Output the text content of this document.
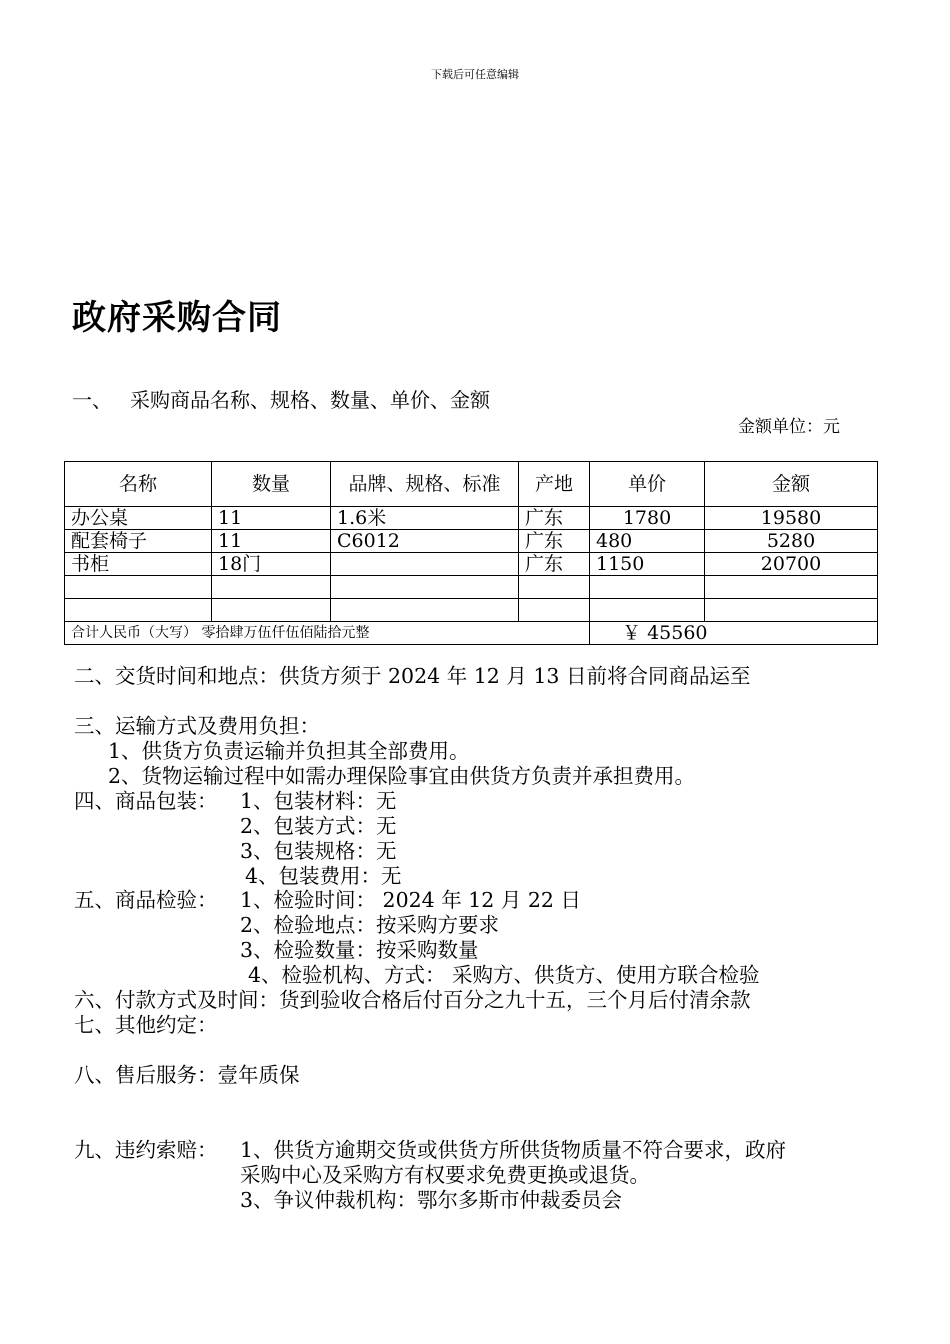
下载后可任意编辑
政府采购合同
一、 采购商品名称、规格、数量、单价、金额
金额单位：元
名称	数量	品牌、规格、标准	产地	单价	金额
办公桌	11	1.6米	广东	1780	19580
配套椅子	11	C6012	广东	480	5280
书柜	18门		广东	1150	20700

合计人民币（大写） 零拾肆万伍仟伍佰陆拾元整				￥ 45560	
二、交货时间和地点：供货方须于 2024 年 12 月 13 日前将合同商品运至
三、运输方式及费用负担：
1、供货方负责运输并负担其全部费用。
2、货物运输过程中如需办理保险事宜由供货方负责并承担费用。
四、商品包装： 1、包装材料：无
2、包装方式：无
3、包装规格：无
4、包装费用：无
五、商品检验： 1、检验时间： 2024 年 12 月 22 日
2、检验地点：按采购方要求
3、检验数量：按采购数量
4、检验机构、方式： 采购方、供货方、使用方联合检验
六、付款方式及时间：货到验收合格后付百分之九十五，三个月后付清余款
七、其他约定：
八、售后服务：壹年质保
九、违约索赔： 1、供货方逾期交货或供货方所供货物质量不符合要求，政府
采购中心及采购方有权要求免费更换或退货。
3、争议仲裁机构：鄂尔多斯市仲裁委员会
